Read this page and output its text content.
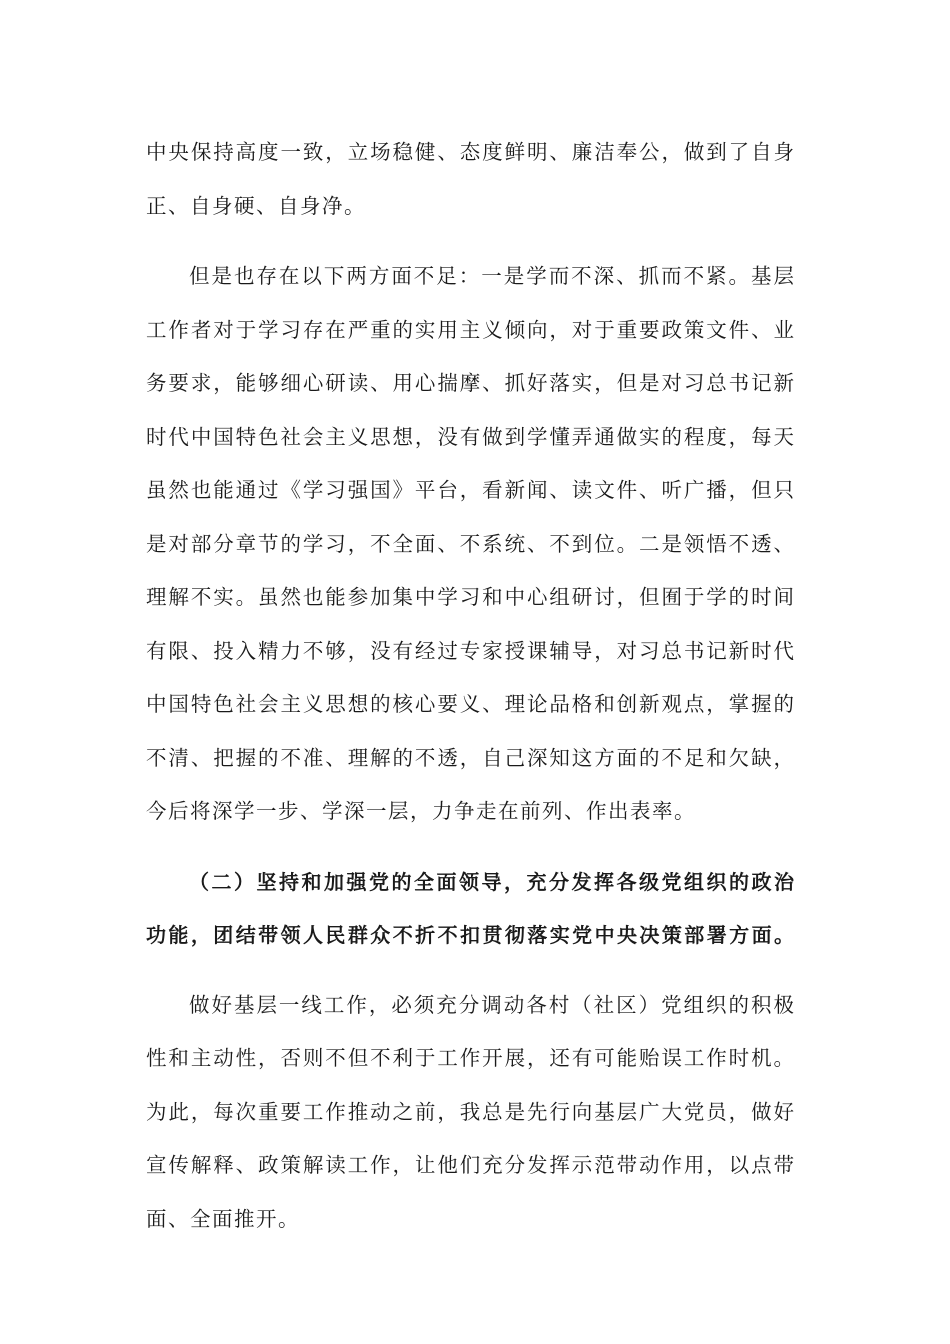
中央保持高度一致，立场稳健、态度鲜明、廉洁奉公，做到了自身
正、自身硬、自身净。
但是也存在以下两方面不足：一是学而不深、抓而不紧。基层
工作者对于学习存在严重的实用主义倾向，对于重要政策文件、业
务要求，能够细心研读、用心揣摩、抓好落实，但是对习总书记新
时代中国特色社会主义思想，没有做到学懂弄通做实的程度，每天
虽然也能通过《学习强国》平台，看新闻、读文件、听广播，但只
是对部分章节的学习，不全面、不系统、不到位。二是领悟不透、
理解不实。虽然也能参加集中学习和中心组研讨，但囿于学的时间
有限、投入精力不够，没有经过专家授课辅导，对习总书记新时代
中国特色社会主义思想的核心要义、理论品格和创新观点，掌握的
不清、把握的不准、理解的不透，自己深知这方面的不足和欠缺，
今后将深学一步、学深一层，力争走在前列、作出表率。
（二）坚持和加强党的全面领导，充分发挥各级党组织的政治
功能，团结带领人民群众不折不扣贯彻落实党中央决策部署方面。
做好基层一线工作，必须充分调动各村（社区）党组织的积极
性和主动性，否则不但不利于工作开展，还有可能贻误工作时机。
为此，每次重要工作推动之前，我总是先行向基层广大党员，做好
宣传解释、政策解读工作，让他们充分发挥示范带动作用，以点带
面、全面推开。
